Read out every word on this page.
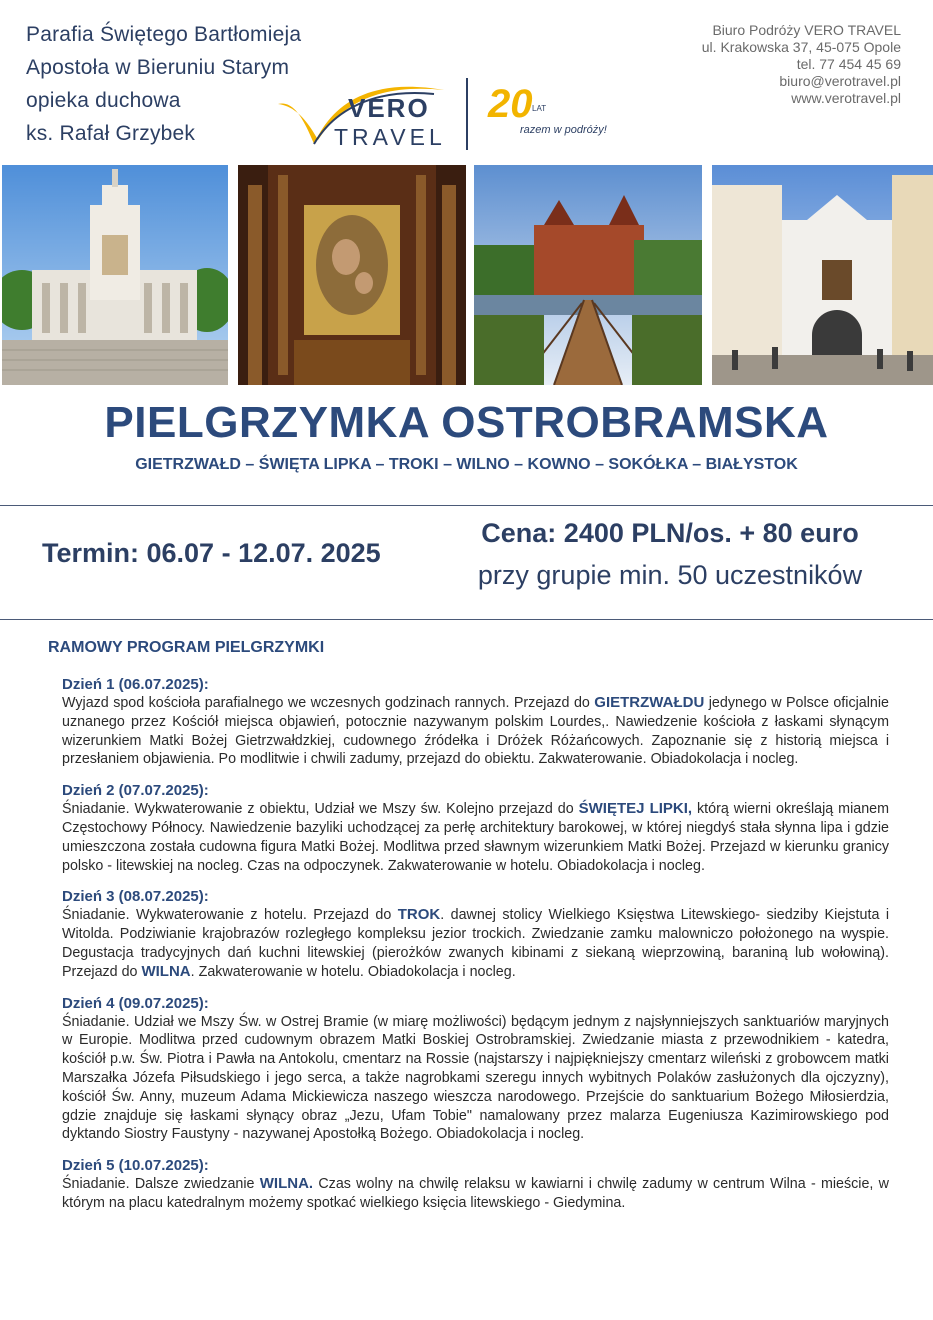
Parafia Świętego Bartłomieja
Apostoła w Bieruniu Starym
opieka duchowa
ks. Rafał Grzybek
VERO
TRAVEL
20 LAT
razem w podróży!
Biuro Podróży VERO TRAVEL
ul. Krakowska 37, 45-075 Opole
tel. 77 454 45 69
biuro@verotravel.pl
www.verotravel.pl
PIELGRZYMKA OSTROBRAMSKA
GIETRZWAŁD – ŚWIĘTA LIPKA – TROKI – WILNO – KOWNO – SOKÓŁKA – BIAŁYSTOK
Termin: 06.07 - 12.07. 2025
Cena: 2400 PLN/os. + 80 euro
przy grupie min. 50 uczestników
RAMOWY PROGRAM PIELGRZYMKI
Dzień 1 (06.07.2025):
Wyjazd spod kościoła parafialnego we wczesnych godzinach rannych. Przejazd do GIETRZWAŁDU jedynego w Polsce oficjalnie uznanego przez Kościół miejsca objawień, potocznie nazywanym polskim Lourdes,. Nawiedzenie kościoła z łaskami słynącym wizerunkiem Matki Bożej Gietrzwałdzkiej, cudownego źródełka i Dróżek Różańcowych. Zapoznanie się z historią miejsca i przesłaniem objawienia. Po modlitwie i chwili zadumy, przejazd do obiektu. Zakwaterowanie. Obiadokolacja i nocleg.
Dzień 2 (07.07.2025):
Śniadanie. Wykwaterowanie z obiektu, Udział we Mszy św. Kolejno przejazd do ŚWIĘTEJ LIPKI, którą wierni określają mianem Częstochowy Północy. Nawiedzenie bazyliki uchodzącej za perłę architektury barokowej, w której niegdyś stała słynna lipa i gdzie umieszczona została cudowna figura Matki Bożej. Modlitwa przed sławnym wizerunkiem Matki Bożej. Przejazd w kierunku granicy polsko - litewskiej na nocleg. Czas na odpoczynek. Zakwaterowanie w hotelu. Obiadokolacja i nocleg.
Dzień 3 (08.07.2025):
Śniadanie. Wykwaterowanie z hotelu. Przejazd do TROK. dawnej stolicy Wielkiego Księstwa Litewskiego- siedziby Kiejstuta i Witolda. Podziwianie krajobrazów rozległego kompleksu jezior trockich. Zwiedzanie zamku malowniczo położonego na wyspie. Degustacja tradycyjnych dań kuchni litewskiej (pierożków zwanych kibinami z siekaną wieprzowiną, baraniną lub wołowiną). Przejazd do WILNA. Zakwaterowanie w hotelu. Obiadokolacja i nocleg.
Dzień 4 (09.07.2025):
Śniadanie. Udział we Mszy Św. w Ostrej Bramie (w miarę możliwości) będącym jednym z najsłynniejszych sanktuariów maryjnych w Europie. Modlitwa przed cudownym obrazem Matki Boskiej Ostrobramskiej. Zwiedzanie miasta z przewodnikiem - katedra, kościół p.w. Św. Piotra i Pawła na Antokolu, cmentarz na Rossie (najstarszy i najpiękniejszy cmentarz wileński z grobowcem matki Marszałka Józefa Piłsudskiego i jego serca, a także nagrobkami szeregu innych wybitnych Polaków zasłużonych dla ojczyzny), kościół Św. Anny, muzeum Adama Mickiewicza naszego wieszcza narodowego. Przejście do sanktuarium Bożego Miłosierdzia, gdzie znajduje się łaskami słynący obraz „Jezu, Ufam Tobie" namalowany przez malarza Eugeniusza Kazimirowskiego pod dyktando Siostry Faustyny - nazywanej Apostołką Bożego. Obiadokolacja i nocleg.
Dzień 5 (10.07.2025):
Śniadanie. Dalsze zwiedzanie WILNA. Czas wolny na chwilę relaksu w kawiarni i chwilę zadumy w centrum Wilna - mieście, w którym na placu katedralnym możemy spotkać wielkiego księcia litewskiego - Giedymina.
